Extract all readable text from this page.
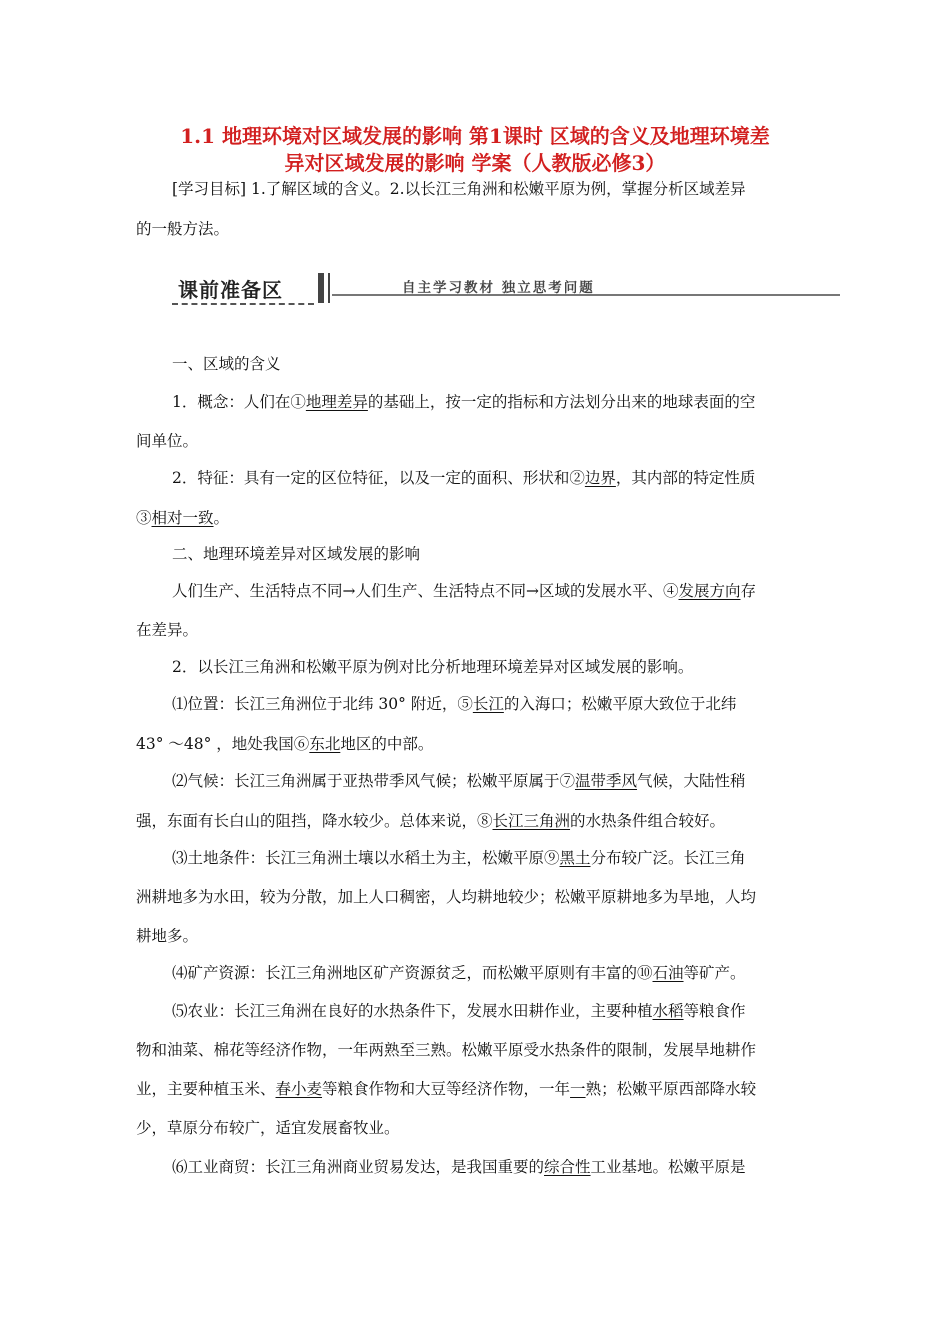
1.1 地理环境对区域发展的影响 第1课时 区域的含义及地理环境差
异对区域发展的影响 学案（人教版必修3）
[学习目标] 1.了解区域的含义。2.以长江三角洲和松嫩平原为例，掌握分析区域差异
的一般方法。
课前准备区	自主学习教材 独立思考问题
一、区域的含义
1．概念：人们在①地理差异的基础上，按一定的指标和方法划分出来的地球表面的空
间单位。
2．特征：具有一定的区位特征，以及一定的面积、形状和②边界，其内部的特定性质
③相对一致。
二、地理环境差异对区域发展的影响
人们生产、生活特点不同→人们生产、生活特点不同→区域的发展水平、④发展方向存
在差异。
2．以长江三角洲和松嫩平原为例对比分析地理环境差异对区域发展的影响。
⑴位置：长江三角洲位于北纬 30° 附近，⑤长江的入海口；松嫩平原大致位于北纬
43° ～48° ，地处我国⑥东北地区的中部。
⑵气候：长江三角洲属于亚热带季风气候；松嫩平原属于⑦温带季风气候，大陆性稍
强，东面有长白山的阻挡，降水较少。总体来说，⑧长江三角洲的水热条件组合较好。
⑶土地条件：长江三角洲土壤以水稻土为主，松嫩平原⑨黑土分布较广泛。长江三角
洲耕地多为水田，较为分散，加上人口稠密，人均耕地较少；松嫩平原耕地多为旱地，人均
耕地多。
⑷矿产资源：长江三角洲地区矿产资源贫乏，而松嫩平原则有丰富的⑩石油等矿产。
⑸农业：长江三角洲在良好的水热条件下，发展水田耕作业，主要种植水稻等粮食作
物和油菜、棉花等经济作物，一年两熟至三熟。松嫩平原受水热条件的限制，发展旱地耕作
业，主要种植玉米、春小麦等粮食作物和大豆等经济作物，一年一熟；松嫩平原西部降水较
少，草原分布较广，适宜发展畜牧业。
⑹工业商贸：长江三角洲商业贸易发达，是我国重要的综合性工业基地。松嫩平原是
